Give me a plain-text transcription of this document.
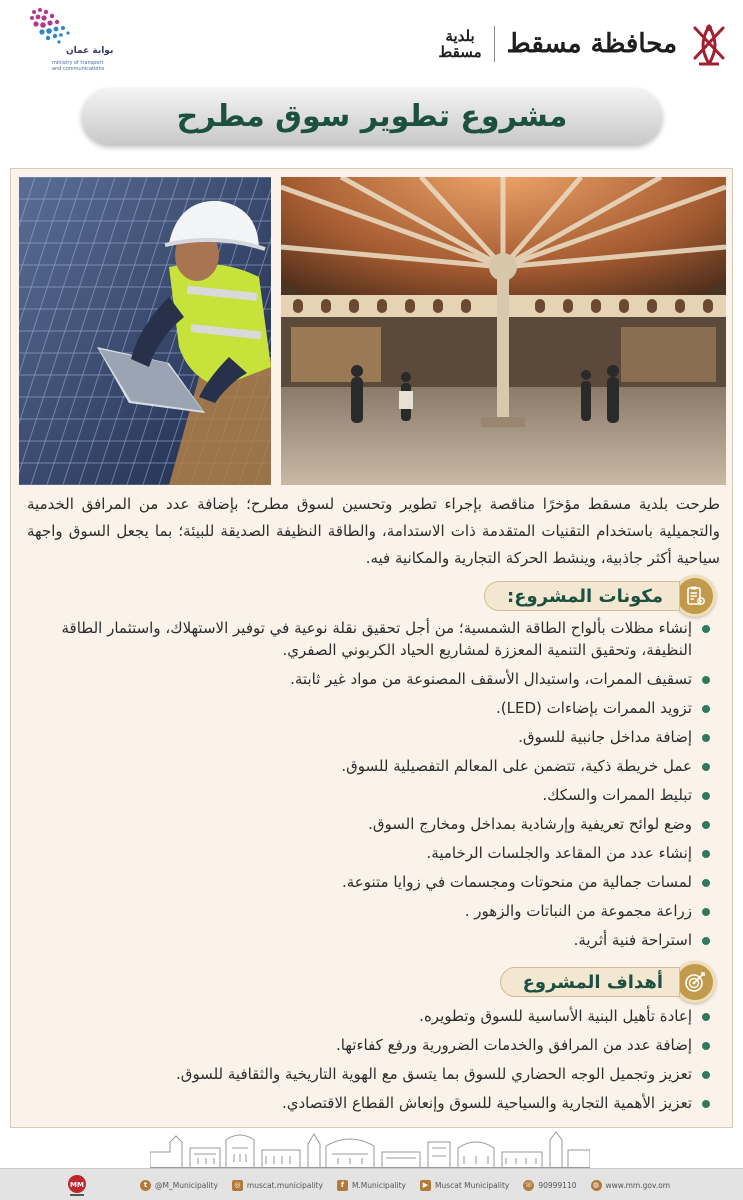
بوابة عمان
ministry of transport and communications
محافظة مسقط
بلدية
مسقط
مشروع تطوير سوق مطرح

طرحت بلدية مسقط مؤخرًا مناقصة بإجراء تطوير وتحسين لسوق مطرح؛ بإضافة عدد من المرافق الخدمية والتجميلية باستخدام التقنيات المتقدمة ذات الاستدامة، والطاقة النظيفة الصديقة للبيئة؛ بما يجعل السوق واجهة سياحية أكثر جاذبية، وينشط الحركة التجارية والمكانية فيه.

مكونات المشروع:
إنشاء مظلات بألواح الطاقة الشمسية؛ من أجل تحقيق نقلة نوعية في توفير الاستهلاك، واستثمار الطاقة النظيفة، وتحقيق التنمية المعززة لمشاريع الحياد الكربوني الصفري.
تسقيف الممرات، واستبدال الأسقف المصنوعة من مواد غير ثابتة.
تزويد الممرات بإضاءات (LED).
إضافة مداخل جانبية للسوق.
عمل خريطة ذكية، تتضمن على المعالم التفصيلية للسوق.
تبليط الممرات والسكك.
وضع لوائح تعريفية وإرشادية بمداخل ومخارج السوق.
إنشاء عدد من المقاعد والجلسات الرخامية.
لمسات جمالية من منحوتات ومجسمات في زوايا متنوعة.
زراعة مجموعة من النباتات والزهور .
استراحة فنية أثرية.
أهداف المشروع
إعادة تأهيل البنية الأساسية للسوق وتطويره.
إضافة عدد من المرافق والخدمات الضرورية ورفع كفاءتها.
تعزيز وتجميل الوجه الحضاري للسوق بما يتسق مع الهوية التاريخية والثقافية للسوق.
تعزيز الأهمية التجارية والسياحية للسوق وإنعاش القطاع الاقتصادي.
MM	t	@M_Municipality	◎ muscat.municipality	f	M.Municipality	▶ Muscat Municipality ☏ 90999110	◍ www.mm.gov.om
